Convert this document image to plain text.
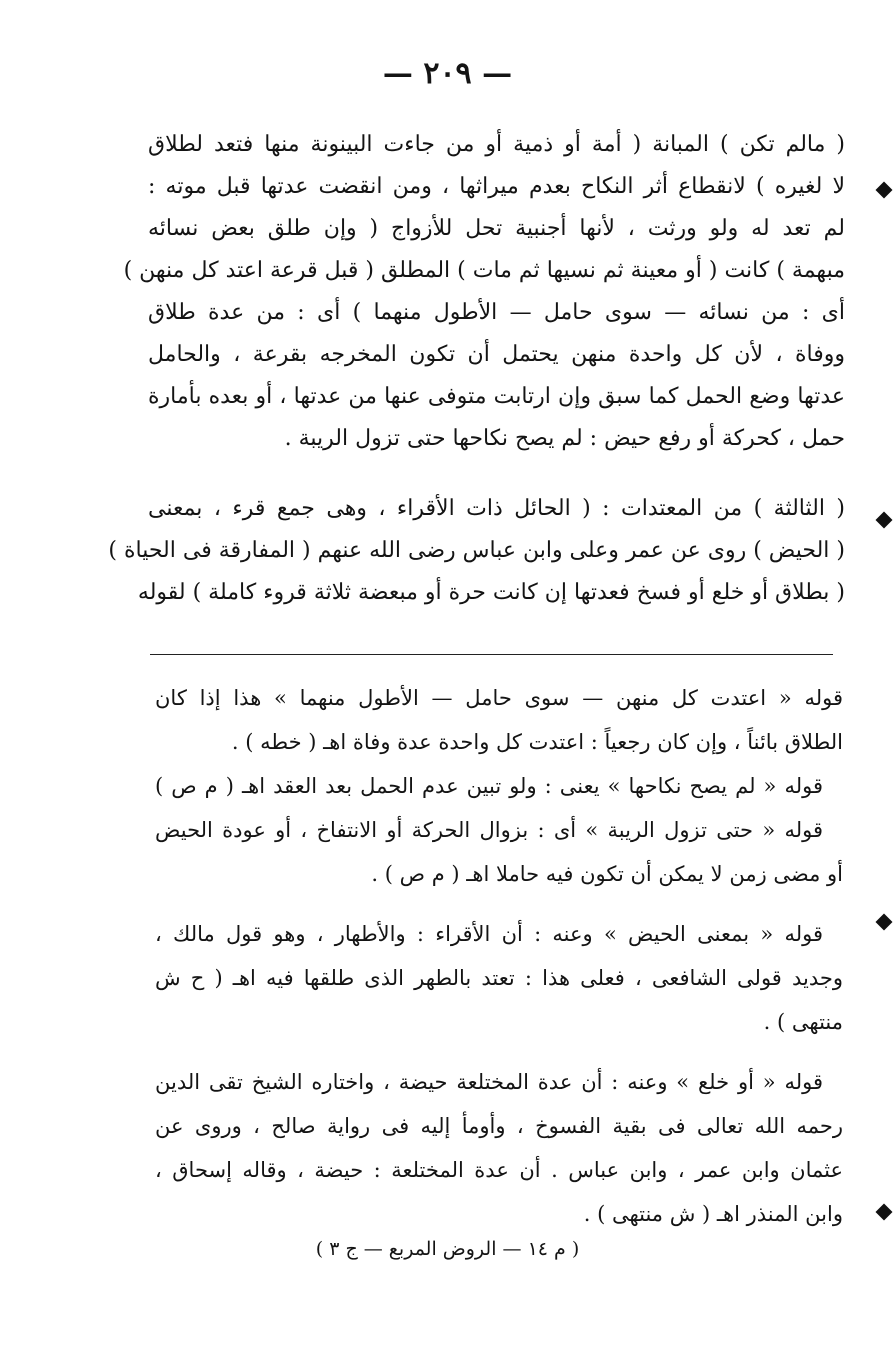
— ٢٠٩ —
( مالم تكن ) المبانة ( أمة أو ذمية أو من جاءت البينونة منها فتعد لطلاق
لا لغيره ) لانقطاع أثر النكاح بعدم ميراثها ، ومن انقضت عدتها قبل موته :
لم تعد له ولو ورثت ، لأنها أجنبية تحل للأزواج ( وإن طلق بعض نسائه
مبهمة ) كانت ( أو معينة ثم نسيها ثم مات ) المطلق ( قبل قرعة اعتد كل منهن )
أى : من نسائه — سوى حامل — الأطول منهما ) أى : من عدة طلاق
ووفاة ، لأن كل واحدة منهن يحتمل أن تكون المخرجه بقرعة ، والحامل
عدتها وضع الحمل كما سبق وإن ارتابت متوفى عنها من عدتها ، أو بعده بأمارة
حمل ، كحركة أو رفع حيض : لم يصح نكاحها حتى تزول الريبة .
( الثالثة ) من المعتدات : ( الحائل ذات الأقراء ، وهى جمع قرء ، بمعنى
( الحيض ) روى عن عمر وعلى وابن عباس رضى الله عنهم ( المفارقة فى الحياة )
( بطلاق أو خلع أو فسخ فعدتها إن كانت حرة أو مبعضة ثلاثة قروء كاملة ) لقوله
قوله « اعتدت كل منهن — سوى حامل — الأطول منهما » هذا إذا كان
الطلاق بائناً ، وإن كان رجعياً : اعتدت كل واحدة عدة وفاة اهـ ( خطه ) .
قوله « لم يصح نكاحها » يعنى : ولو تبين عدم الحمل بعد العقد اهـ ( م ص )
قوله « حتى تزول الريبة » أى : بزوال الحركة أو الانتفاخ ، أو عودة الحيض
أو مضى زمن لا يمكن أن تكون فيه حاملا اهـ ( م ص ) .
قوله « بمعنى الحيض » وعنه : أن الأقراء : والأطهار ، وهو قول مالك ،
وجديد قولى الشافعى ، فعلى هذا : تعتد بالطهر الذى طلقها فيه اهـ ( ح ش
منتهى ) .
قوله « أو خلع » وعنه : أن عدة المختلعة حيضة ، واختاره الشيخ تقى الدين
رحمه الله تعالى فى بقية الفسوخ ، وأومأ إليه فى رواية صالح ، وروى عن
عثمان وابن عمر ، وابن عباس . أن عدة المختلعة : حيضة ، وقاله إسحاق ،
وابن المنذر اهـ ( ش منتهى ) .
( م ١٤ — الروض المربع — ج ٣ )
